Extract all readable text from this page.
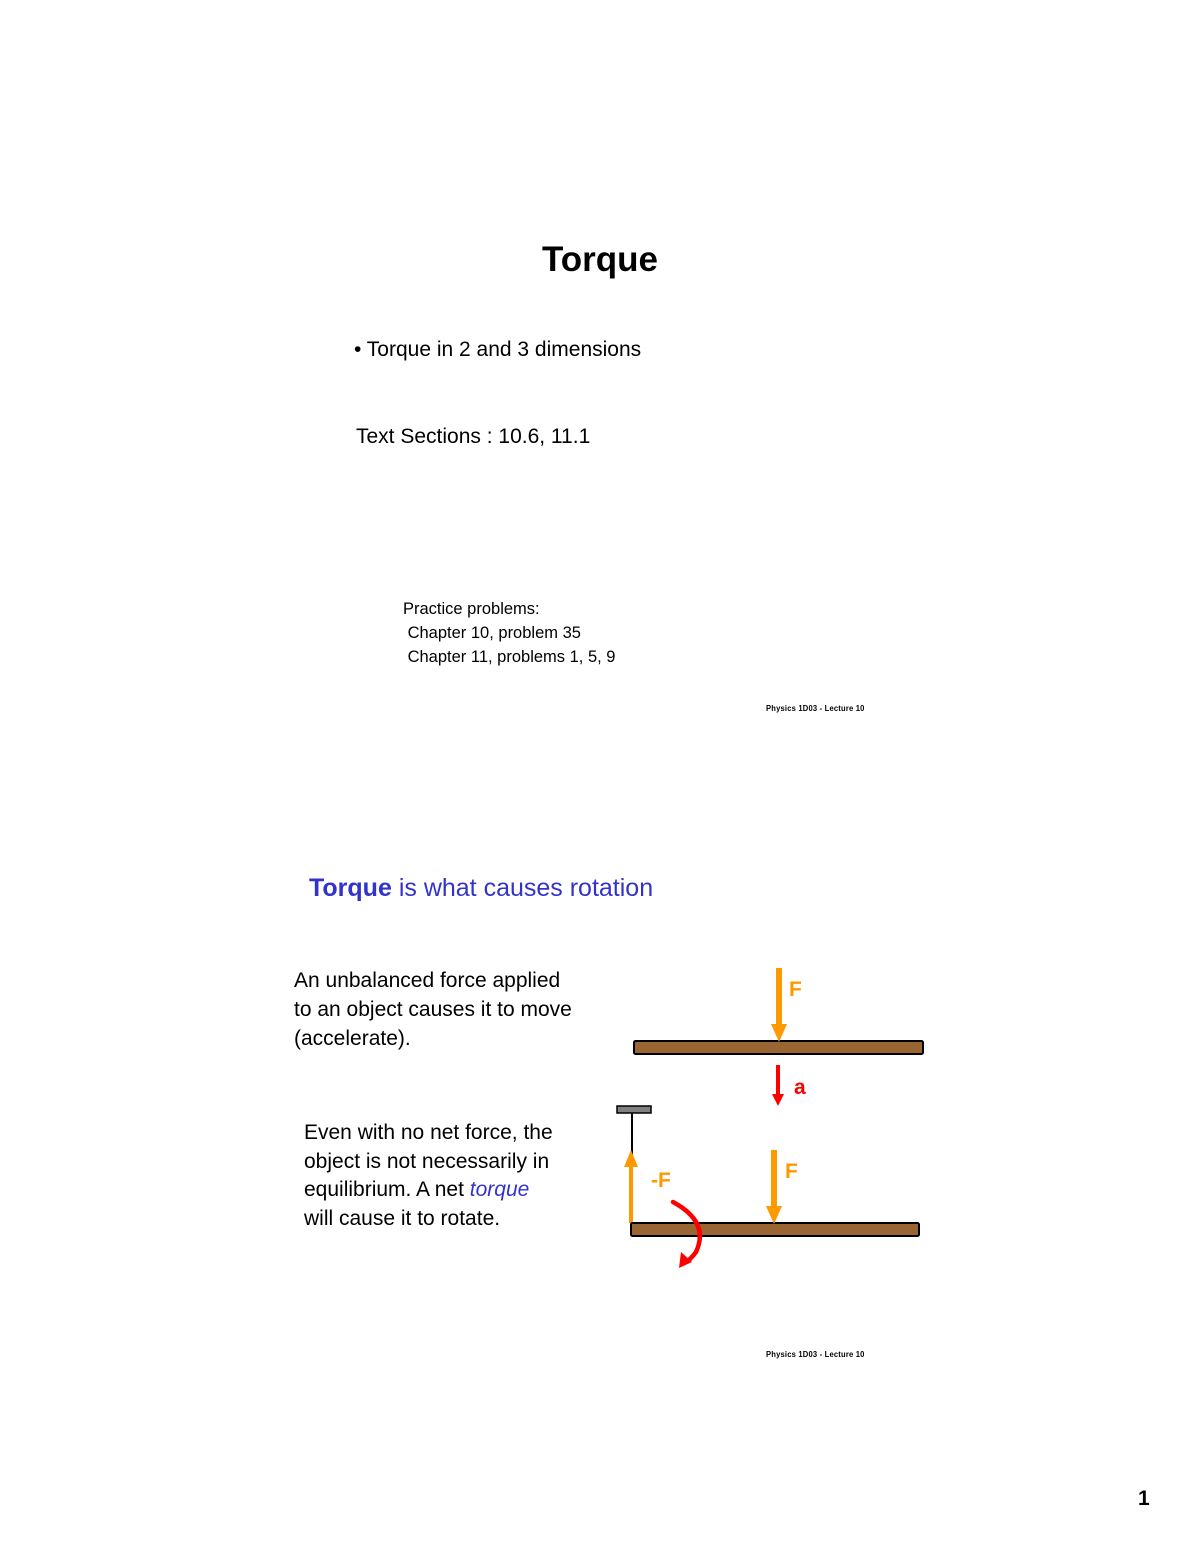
Torque
• Torque in 2 and 3 dimensions
Text Sections : 10.6, 11.1
Practice problems:
Chapter 10, problem 35
Chapter 11, problems 1, 5, 9
Physics 1D03 - Lecture 10
Torque is what causes rotation
An unbalanced force applied
to an object causes it to move
(accelerate).
Even with no net force, the
object is not necessarily in
equilibrium. A net torque
will cause it to rotate.
F
a
-F	F
Physics 1D03 - Lecture 10
1
